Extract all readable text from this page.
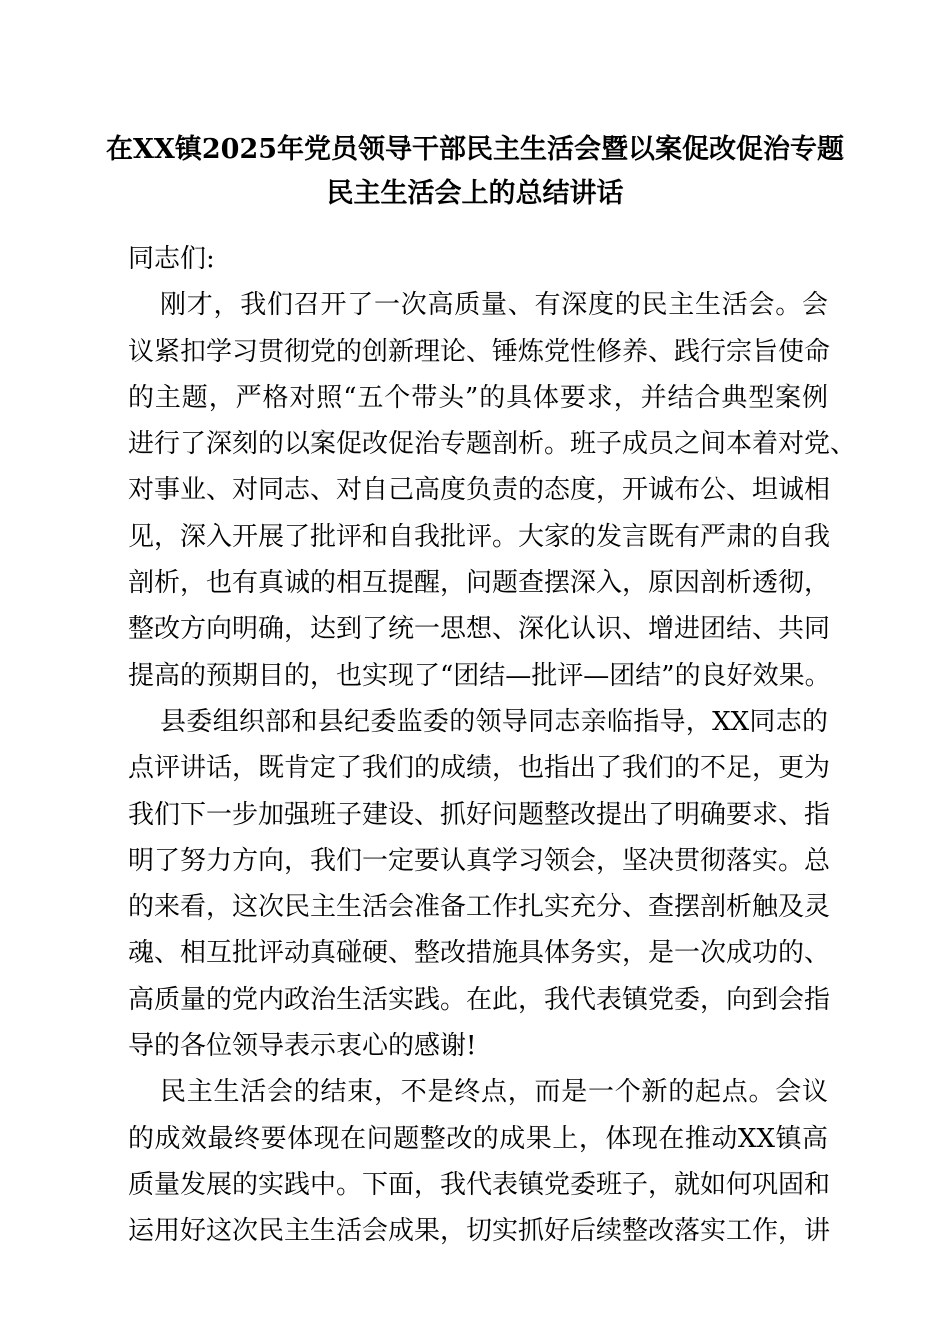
在XX镇2025年党员领导干部民主生活会暨以案促改促治专题
民主生活会上的总结讲话
同志们:
刚才，我们召开了一次高质量、有深度的民主生活会。会
议紧扣学习贯彻党的创新理论、锤炼党性修养、践行宗旨使命
的主题，严格对照“五个带头”的具体要求，并结合典型案例
进行了深刻的以案促改促治专题剖析。班子成员之间本着对党、
对事业、对同志、对自己高度负责的态度，开诚布公、坦诚相
见，深入开展了批评和自我批评。大家的发言既有严肃的自我
剖析，也有真诚的相互提醒，问题查摆深入，原因剖析透彻，
整改方向明确，达到了统一思想、深化认识、增进团结、共同
提高的预期目的，也实现了“团结—批评—团结”的良好效果。
县委组织部和县纪委监委的领导同志亲临指导，XX同志的
点评讲话，既肯定了我们的成绩，也指出了我们的不足，更为
我们下一步加强班子建设、抓好问题整改提出了明确要求、指
明了努力方向，我们一定要认真学习领会，坚决贯彻落实。总
的来看，这次民主生活会准备工作扎实充分、查摆剖析触及灵
魂、相互批评动真碰硬、整改措施具体务实，是一次成功的、
高质量的党内政治生活实践。在此，我代表镇党委，向到会指
导的各位领导表示衷心的感谢!
民主生活会的结束，不是终点，而是一个新的起点。会议
的成效最终要体现在问题整改的成果上，体现在推动XX镇高
质量发展的实践中。下面，我代表镇党委班子，就如何巩固和
运用好这次民主生活会成果，切实抓好后续整改落实工作，讲
